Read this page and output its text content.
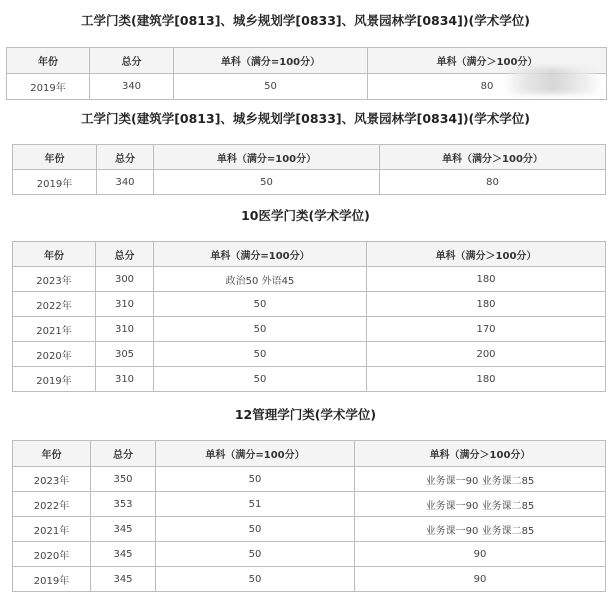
工学门类(建筑学[0813]、城乡规划学[0833]、风景园林学[0834])(学术学位)
年份	总分	单科（满分=100分）	单科（满分＞100分）
2019年	340	50	80
工学门类(建筑学[0813]、城乡规划学[0833]、风景园林学[0834])(学术学位)
年份	总分	单科（满分=100分）	单科（满分＞100分）
2019年	340	50	80
10医学门类(学术学位)
年份	总分	单科（满分=100分）	单科（满分＞100分）
2023年	300	政治50 外语45	180
2022年	310	50	180
2021年	310	50	170
2020年	305	50	200
2019年	310	50	180
12管理学门类(学术学位)
年份	总分	单科（满分=100分）	单科（满分＞100分）
2023年	350	50	业务课一90 业务课二85
2022年	353	51	业务课一90 业务课二85
2021年	345	50	业务课一90 业务课二85
2020年	345	50	90
2019年	345	50	90
